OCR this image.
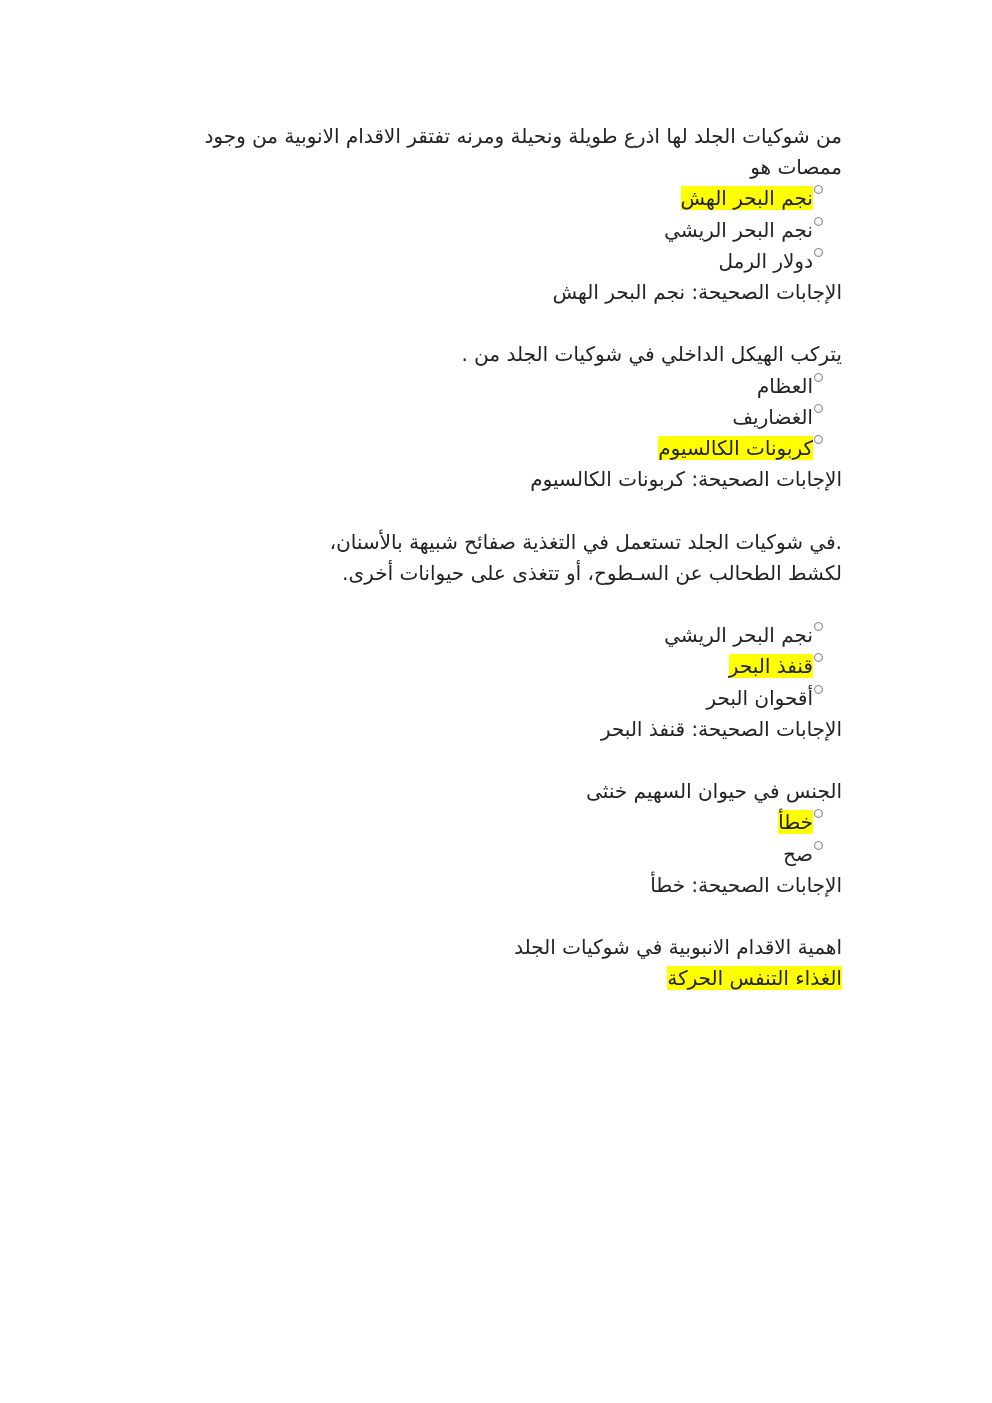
من شوكيات الجلد لها اذرع طويلة ونحيلة ومرنه تفتقر الاقدام الانوبية من وجود ممصات هو
نجم البحر الهش
نجم البحر الريشي
دولار الرمل
الإجابات الصحيحة: نجم البحر الهش
يتركب الهيكل الداخلي في شوكيات الجلد من .
العظام
الغضاريف
كربونات الكالسيوم
الإجابات الصحيحة: كربونات الكالسيوم
.في شوكيات الجلد تستعمل في التغذية صفائح شبيهة بالأسنان،
لكشط الطحالب عن السـطوح، أو تتغذى على حيوانات أخرى.
نجم البحر الريشي
قنفذ البحر
أقحوان البحر
الإجابات الصحيحة: قنفذ البحر
الجنس في حيوان السهيم خنثى
خطأ
صح
الإجابات الصحيحة: خطأ
اهمية الاقدام الانبوبية في شوكيات الجلد
الغذاء التنفس الحركة
